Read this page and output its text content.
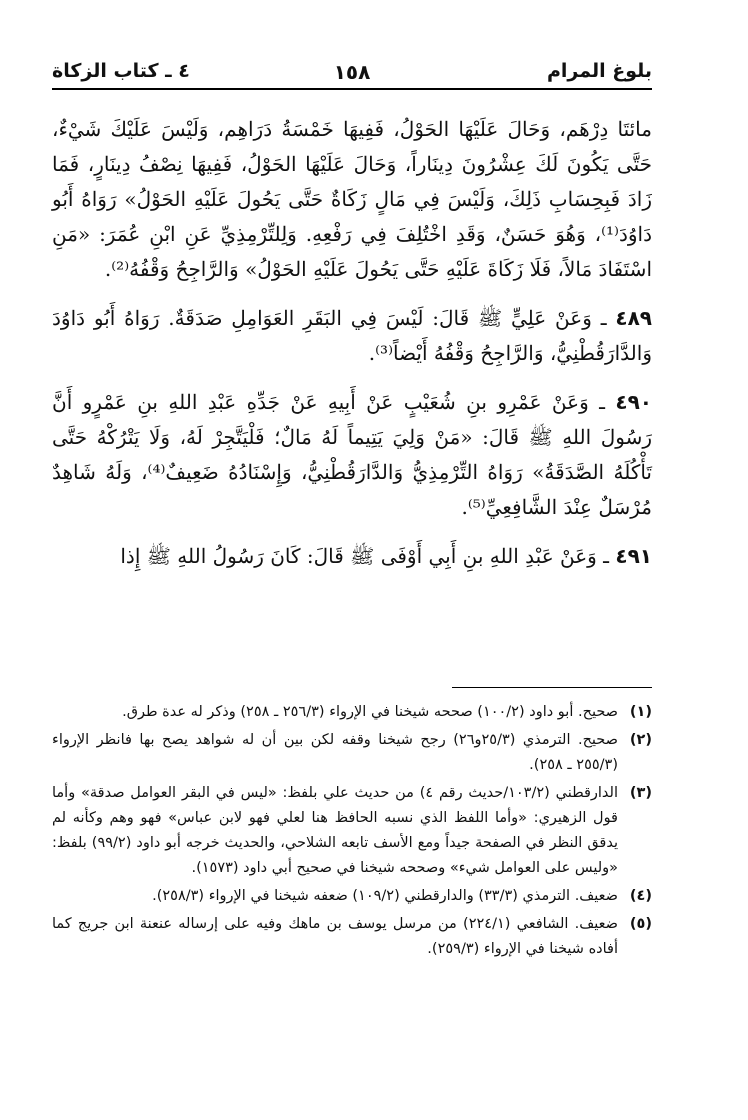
بلوغ المرام
١٥٨
٤ ـ كتاب الزكاة

مائتَا دِرْهَم، وَحَالَ عَلَيْهَا الحَوْلُ، فَفِيهَا خَمْسَةُ دَرَاهِم، وَلَيْسَ عَلَيْكَ شَيْءٌ، حَتَّى يَكُونَ لَكَ عِشْرُونَ دِينَاراً، وَحَالَ عَلَيْهَا الحَوْلُ، فَفِيهَا نِصْفُ دِينَارٍ، فَمَا زَادَ فَبِحِسَابِ ذَلِكَ، وَلَيْسَ فِي مَالٍ زَكَاةٌ حَتَّى يَحُولَ عَلَيْهِ الحَوْلُ» رَوَاهُ أَبُو دَاوُدَ⁽¹⁾، وَهُوَ حَسَنٌ، وَقَدِ اخْتُلِفَ فِي رَفْعِهِ. وَلِلتِّرْمِذِيِّ عَنِ ابْنِ عُمَرَ: «مَنِ اسْتَفَادَ مَالاً، فَلَا زَكَاةَ عَلَيْهِ حَتَّى يَحُولَ عَلَيْهِ الحَوْلُ» وَالرَّاجِحُ وَقْفُهُ⁽²⁾.

٤٨٩ ـ وَعَنْ عَلِيٍّ ﷺ قَالَ: لَيْسَ فِي البَقَرِ العَوَامِلِ صَدَقَةٌ. رَوَاهُ أَبُو دَاوُدَ وَالدَّارَقُطْنِيُّ، وَالرَّاجِحُ وَقْفُهُ أَيْضاً⁽³⁾.

٤٩٠ ـ وَعَنْ عَمْرِو بنِ شُعَيْبٍ عَنْ أَبِيهِ عَنْ جَدِّهِ عَبْدِ اللهِ بنِ عَمْرٍو أَنَّ رَسُولَ اللهِ ﷺ قَالَ: «مَنْ وَلِيَ يَتِيماً لَهُ مَالٌ؛ فَلْيَتَّجِرْ لَهُ، وَلَا يَتْرُكْهُ حَتَّى تَأْكُلَهُ الصَّدَقَةُ» رَوَاهُ التِّرْمِذِيُّ وَالدَّارَقُطْنِيُّ، وَإِسْنَادُهُ ضَعِيفٌ⁽⁴⁾، وَلَهُ شَاهِدٌ مُرْسَلٌ عِنْدَ الشَّافِعِيِّ⁽⁵⁾.

٤٩١ ـ وَعَنْ عَبْدِ اللهِ بنِ أَبِي أَوْفَى ﷺ قَالَ: كَانَ رَسُولُ اللهِ ﷺ إِذا

(١)
صحيح. أبو داود (١٠٠/٢) صححه شيخنا في الإرواء (٢٥٦/٣ ـ ٢٥٨) وذكر له عدة طرق.
(٢)
صحيح. الترمذي (٢٥/٣و٢٦) رجح شيخنا وقفه لكن بين أن له شواهد يصح بها فانظر الإرواء (٢٥٥/٣ ـ ٢٥٨).
(٣)
الدارقطني (١٠٣/٢/حديث رقم ٤) من حديث علي بلفظ: «ليس في البقر العوامل صدقة» وأما قول الزهيري: «وأما اللفظ الذي نسبه الحافظ هنا لعلي فهو لابن عباس» فهو وهم وكأنه لم يدقق النظر في الصفحة جيداً ومع الأسف تابعه الشلاحي، والحديث خرجه أبو داود (٩٩/٢) بلفظ: «وليس على العوامل شيء» وصححه شيخنا في صحيح أبي داود (١٥٧٣).
(٤)
ضعيف. الترمذي (٣٣/٣) والدارقطني (١٠٩/٢) ضعفه شيخنا في الإرواء (٢٥٨/٣).
(٥)
ضعيف. الشافعي (٢٢٤/١) من مرسل يوسف بن ماهك وفيه على إرساله عنعنة ابن جريج كما أفاده شيخنا في الإرواء (٢٥٩/٣).
